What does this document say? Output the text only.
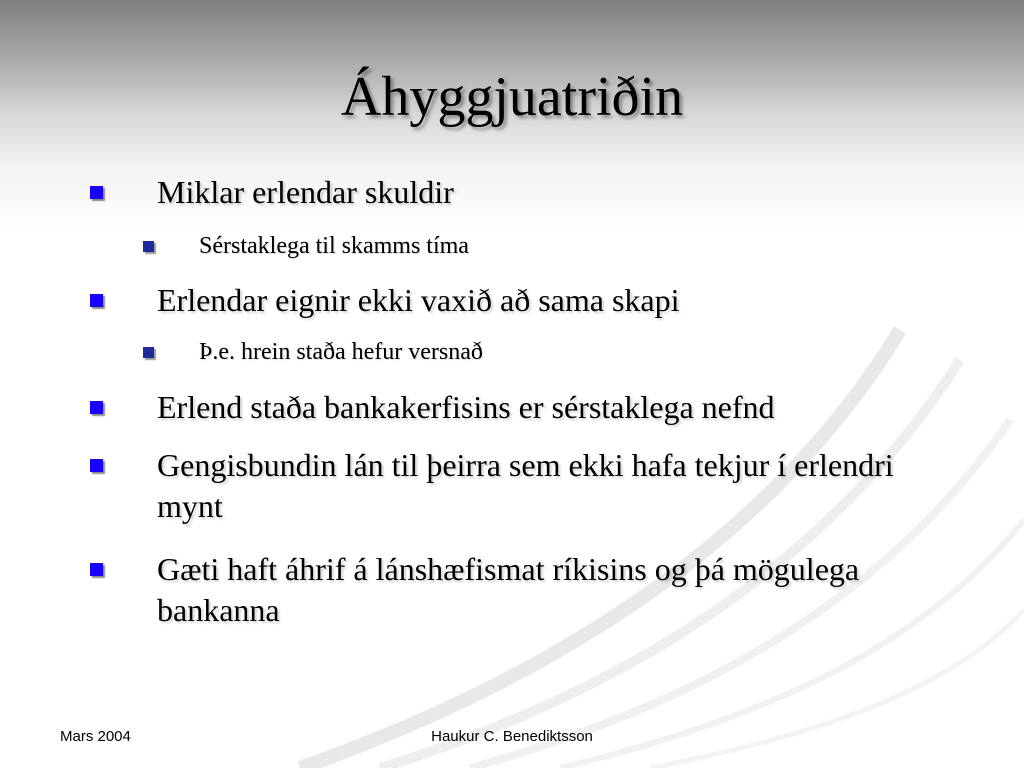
Áhyggjuatriðin
Miklar erlendar skuldir
Sérstaklega til skamms tíma
Erlendar eignir ekki vaxið að sama skapi
Þ.e. hrein staða hefur versnað
Erlend staða bankakerfisins er sérstaklega nefnd
Gengisbundin lán til þeirra sem ekki hafa tekjur í erlendri mynt
Gæti haft áhrif á lánshæfismat ríkisins og þá mögulega bankanna
Mars 2004	Haukur C. Benediktsson
